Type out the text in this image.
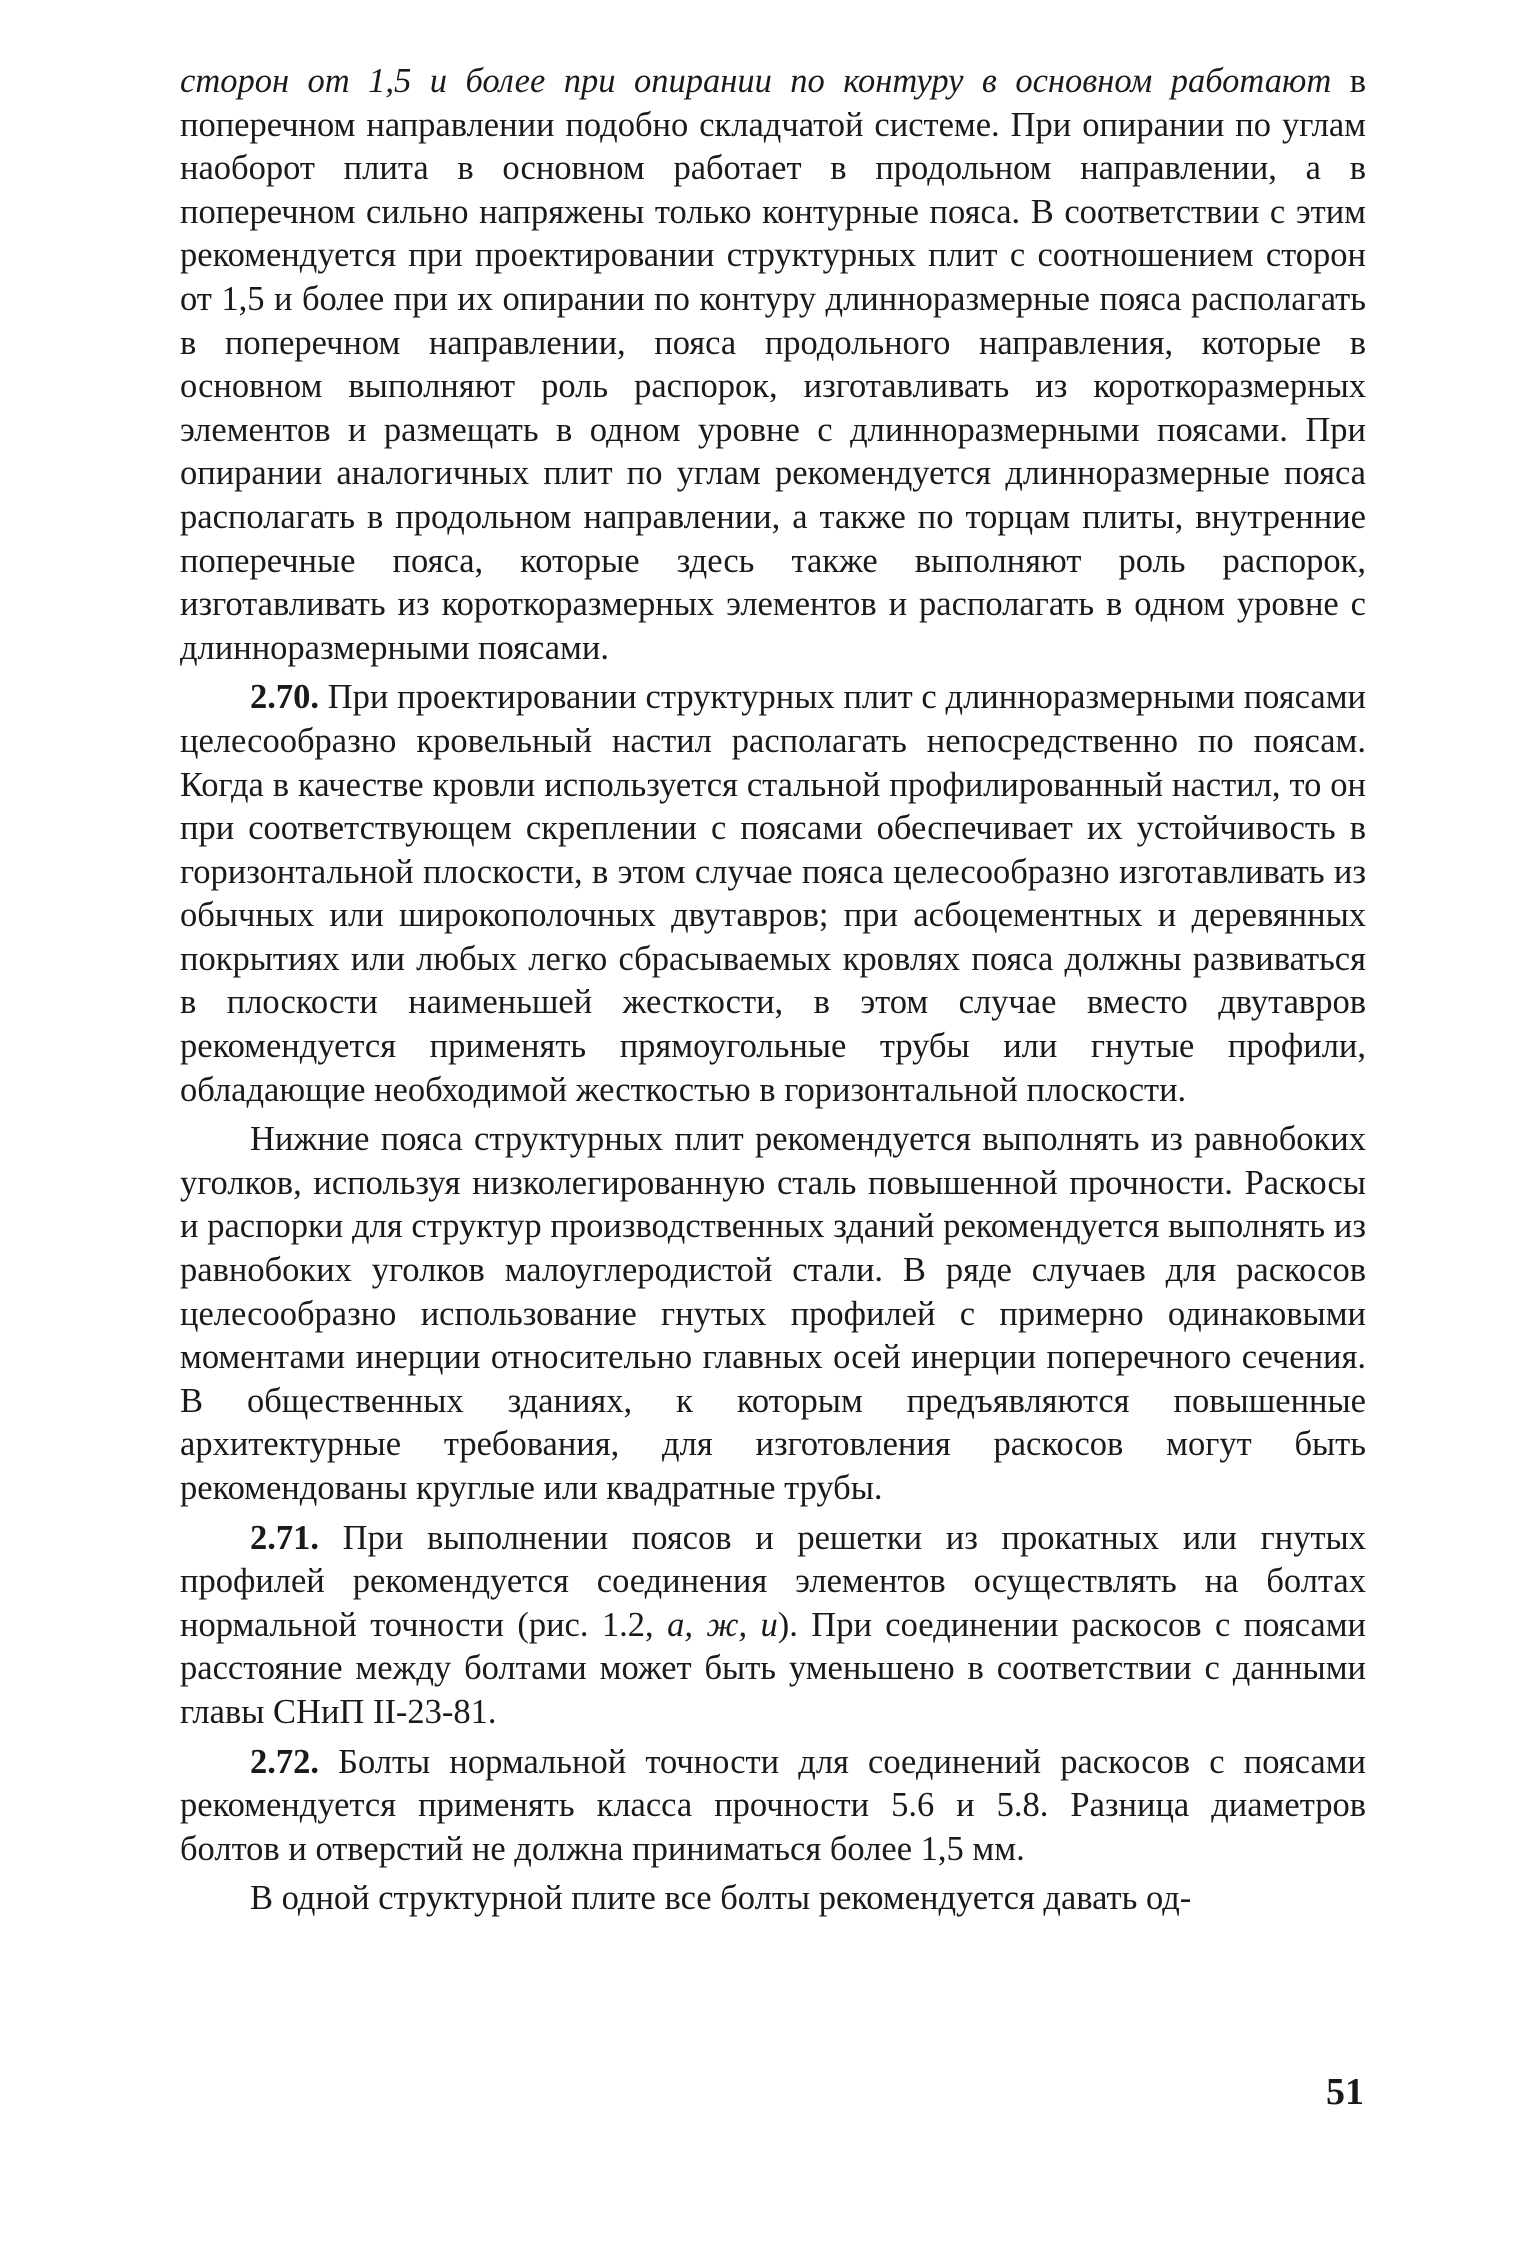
сторон от 1,5 и более при опирании по контуру в основном работают в поперечном направлении подобно складчатой системе. При опирании по углам наоборот плита в основном работает в продольном направлении, а в поперечном сильно напряжены только контурные пояса. В соответствии с этим рекомендуется при проектировании структурных плит с соотношением сторон от 1,5 и более при их опирании по контуру длинноразмерные пояса располагать в поперечном направлении, пояса продольного направления, которые в основном выполняют роль распорок, изготавливать из короткоразмерных элементов и размещать в одном уровне с длинноразмерными поясами. При опирании аналогичных плит по углам рекомендуется длинноразмерные пояса располагать в продольном направлении, а также по торцам плиты, внутренние поперечные пояса, которые здесь также выполняют роль распорок, изготавливать из короткоразмерных элементов и располагать в одном уровне с длинноразмерными поясами.

2.70. При проектировании структурных плит с длинноразмерными поясами целесообразно кровельный настил располагать непосредственно по поясам. Когда в качестве кровли используется стальной профилированный настил, то он при соответствующем скреплении с поясами обеспечивает их устойчивость в горизонтальной плоскости, в этом случае пояса целесообразно изготавливать из обычных или широкополочных двутавров; при асбоцементных и деревянных покрытиях или любых легко сбрасываемых кровлях пояса должны развиваться в плоскости наименьшей жесткости, в этом случае вместо двутавров рекомендуется применять прямоугольные трубы или гнутые профили, обладающие необходимой жесткостью в горизонтальной плоскости.

Нижние пояса структурных плит рекомендуется выполнять из равнобоких уголков, используя низколегированную сталь повышенной прочности. Раскосы и распорки для структур производственных зданий рекомендуется выполнять из равнобоких уголков малоуглеродистой стали. В ряде случаев для раскосов целесообразно использование гнутых профилей с примерно одинаковыми моментами инерции относительно главных осей инерции поперечного сечения. В общественных зданиях, к которым предъявляются повышенные архитектурные требования, для изготовления раскосов могут быть рекомендованы круглые или квадратные трубы.

2.71. При выполнении поясов и решетки из прокатных или гнутых профилей рекомендуется соединения элементов осуществлять на болтах нормальной точности (рис. 1.2, а, ж, и). При соединении раскосов с поясами расстояние между болтами может быть уменьшено в соответствии с данными главы СНиП II-23-81.

2.72. Болты нормальной точности для соединений раскосов с поясами рекомендуется применять класса прочности 5.6 и 5.8. Разница диаметров болтов и отверстий не должна приниматься более 1,5 мм.

В одной структурной плите все болты рекомендуется давать од-

51
